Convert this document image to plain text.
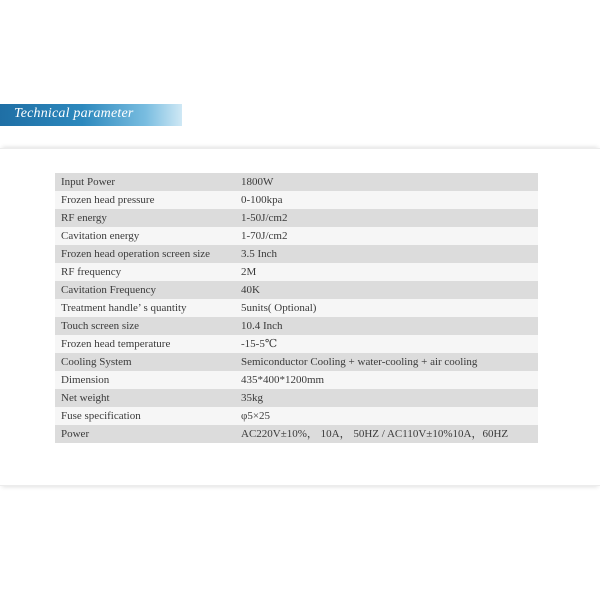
Technical parameter
Input Power	1800W
Frozen head pressure	0-100kpa
RF energy	1-50J/cm2
Cavitation energy	1-70J/cm2
Frozen head operation screen size	3.5 Inch
RF frequency	2M
Cavitation Frequency	40K
Treatment handle’ s quantity	5units( Optional)
Touch screen size	10.4 Inch
Frozen head temperature	-15-5℃
Cooling System	Semiconductor Cooling + water-cooling + air cooling
Dimension	435*400*1200mm
Net weight	35kg
Fuse specification	φ5×25
Power	AC220V±10%， 10A， 50HZ / AC110V±10%10A，60HZ
